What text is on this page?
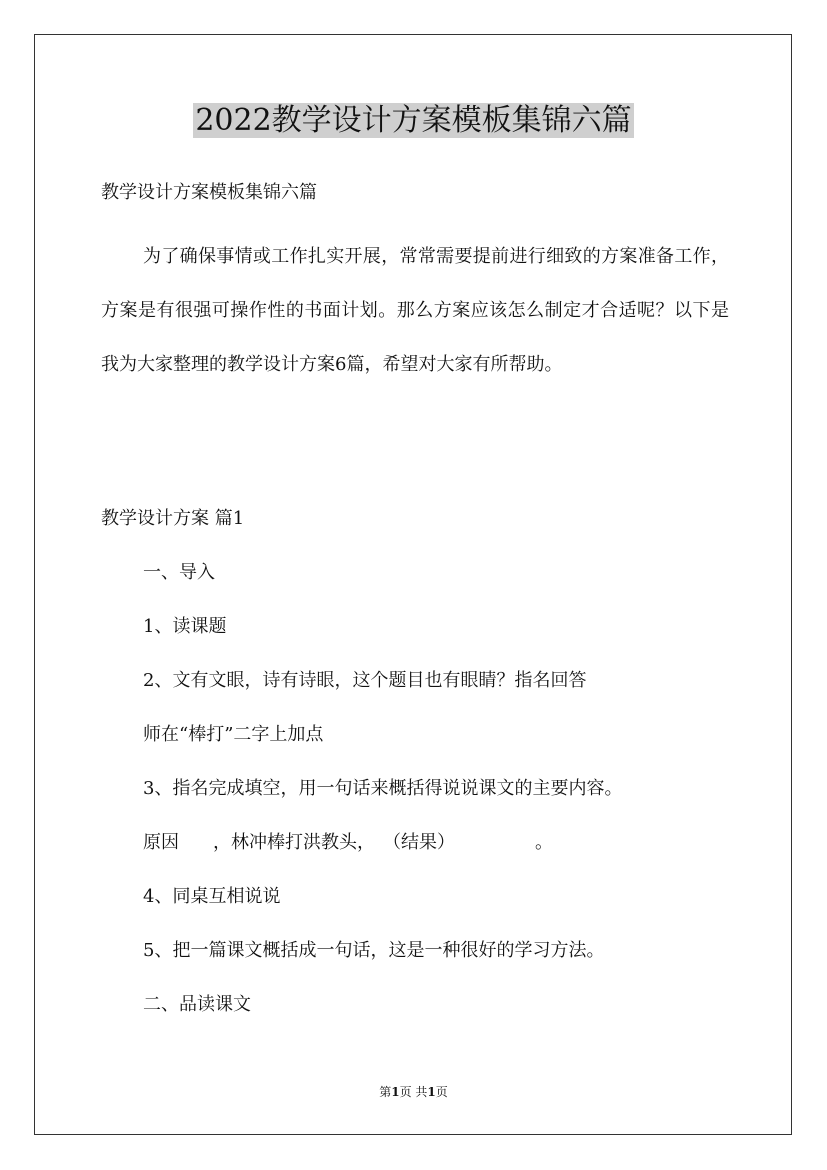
2022教学设计方案模板集锦六篇
教学设计方案模板集锦六篇
为了确保事情或工作扎实开展，常常需要提前进行细致的方案准备工作，方案是有很强可操作性的书面计划。那么方案应该怎么制定才合适呢？以下是我为大家整理的教学设计方案6篇，希望对大家有所帮助。
教学设计方案 篇1
一、导入
1、读课题
2、文有文眼，诗有诗眼，这个题目也有眼睛？指名回答
师在“棒打”二字上加点
3、指名完成填空，用一句话来概括得说说课文的主要内容。
原因 ，林冲棒打洪教头， （结果）	。
4、同桌互相说说
5、把一篇课文概括成一句话，这是一种很好的学习方法。
二、品读课文
第1页 共1页
